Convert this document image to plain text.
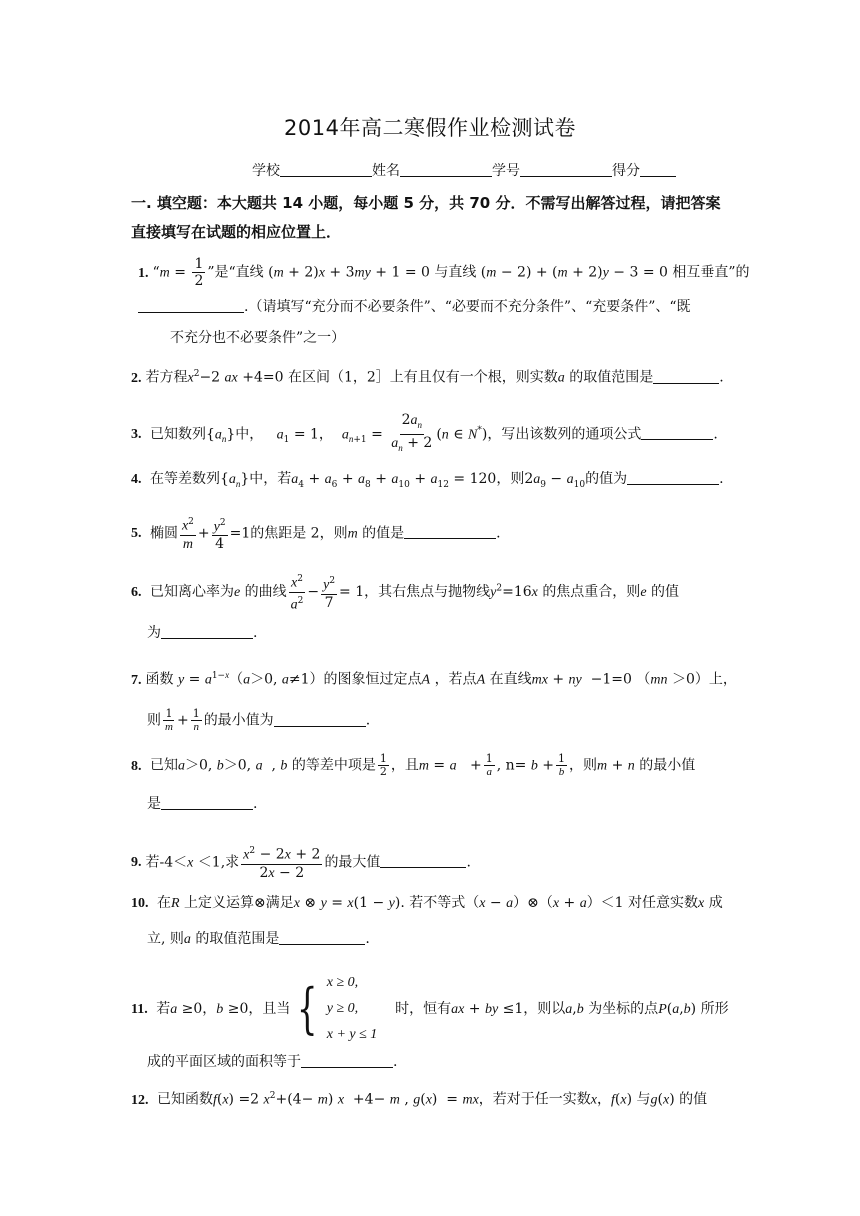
2014年高二寒假作业检测试卷
学校	姓名	学号	得分
一. 填空题：本大题共 14 小题，每小题 5 分，共 70 分．不需写出解答过程，请把答案直接填写在试题的相应位置上．
1. “$m = \frac{1}{2}$ ”是“直线 (m + 2)x + 3my + 1 = 0 与直线 (m − 2) + (m + 2)y − 3 = 0 相互垂直”的
.（请填写“充分而不必要条件”、“必要而不充分条件”、“充要条件”、“既
不充分也不必要条件”之一）
2. 若方程$x^2-2$ ax +4=0 在区间（1，2］上有且仅有一个根，则实数a 的取值范围是	.
3. 已知数列$\{a_n\}$中， $a_1 = 1$，  $a_{n+1} = \frac{2a_n}{a_n + 2} (n$ ∈ N*)，写出该数列的通项公式	.
4. 在等差数列$\{a_n\}$中，若$a_4 + a_6 + a_8 + a_{10} + a_{12} = 120$，则$2a_9 - a_{10}$的值为	.
5. 椭圆 $\frac{x^2}{m} + \frac{y^2}{4} =1$的焦距是 2，则m 的值是	.
6. 已知离心率为e 的曲线 $\frac{x^2}{a^2} - \frac{y^2}{7} = 1$，其右焦点与抛物线$y^2=16x$ 的焦点重合，则e 的值
为	.
7. 函数 $y = a^{1-x}(a>0$, a≠1）的图象恒过定点A ，若点A 在直线mx + ny  −1=0 （mn ＞0）上，
则 $\frac{1}{m} + \frac{1}{n}$ 的最小值为	.
8. 已知a＞0, b＞0, a  , b 的等差中项是 $\frac{1}{2}$ ，且$m = a + \frac{1}{a}$ , $n= b + \frac{1}{b}$ ，则m + n 的最小值
是	.
9. 若-4＜x ＜1,求 $\frac{x^2 - 2x + 2}{2x - 2}$ 的最大值	.
10. 在R 上定义运算⊗满足x ⊗ y = x(1 − y). 若不等式（x − a）⊗（x + a）＜1 对任意实数x 成
立, 则a 的取值范围是	.
11. 若a ≥0，b ≥0，且当 { x ≥ 0,
y ≥ 0,
x + y ≤ 1
时，恒有ax + by ≤1，则以a,b 为坐标的点P(a,b) 所形
成的平面区域的面积等于	.
12. 已知函数f(x) =2 $x^2+(4- m)$ x  +4− m , g(x)  = mx，若对于任一实数x，f(x) 与g(x) 的值
